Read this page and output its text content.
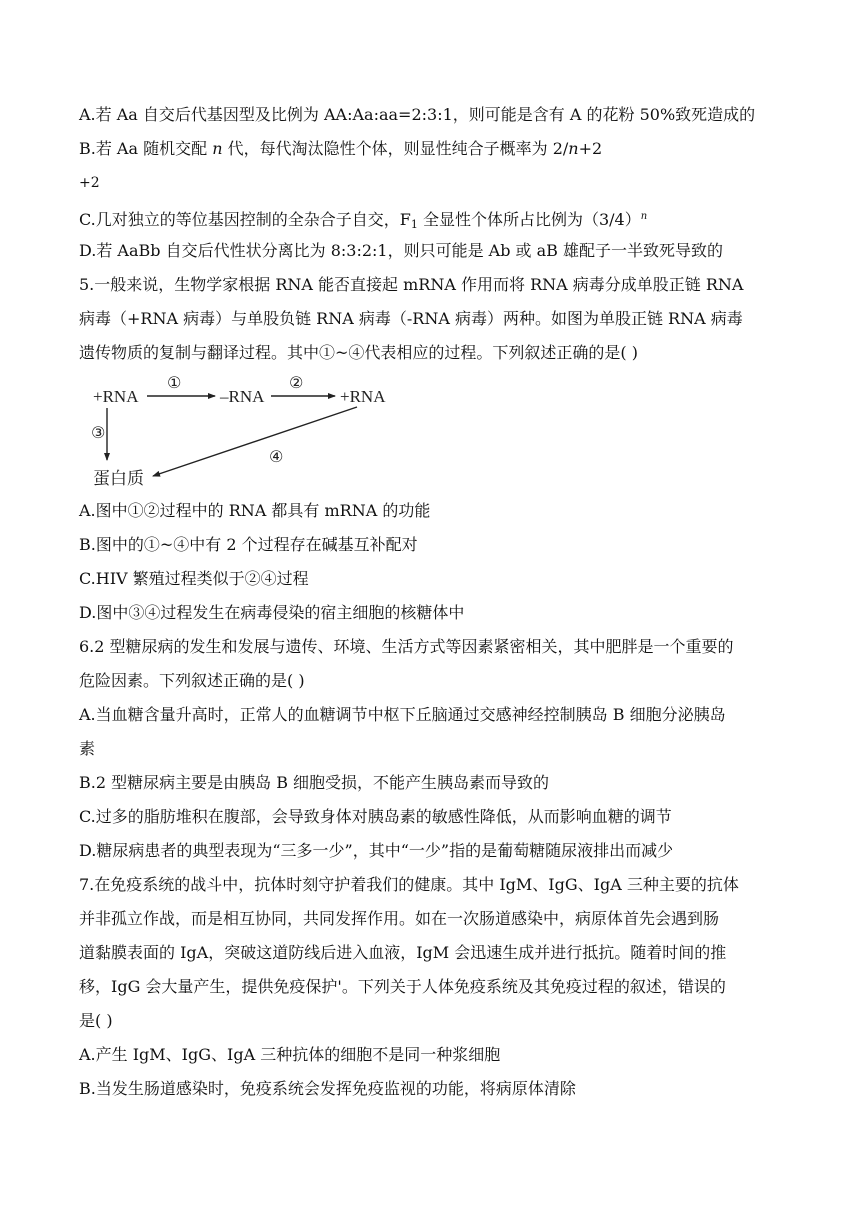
A.若 Aa 自交后代基因型及比例为 AA:Aa:aa=2:3:1，则可能是含有 A 的花粉 50%致死造成的
B.若 Aa 随机交配 n 代，每代淘汰隐性个体，则显性纯合子概率为 2/n+2
+2
C.几对独立的等位基因控制的全杂合子自交，$F_1$ 全显性个体所占比例为$(3/4)^n$
D.若 AaBb 自交后代性状分离比为 8:3:2:1，则只可能是 Ab 或 aB 雄配子一半致死导致的
5.一般来说，生物学家根据 RNA 能否直接起 mRNA 作用而将 RNA 病毒分成单股正链 RNA
病毒（+RNA 病毒）与单股负链 RNA 病毒（-RNA 病毒）两种。如图为单股正链 RNA 病毒
遗传物质的复制与翻译过程。其中①~④代表相应的过程。下列叙述正确的是( )
+RNA	–RNA	+RNA
蛋白质
①	②
③
④
A.图中①②过程中的 RNA 都具有 mRNA 的功能
B.图中的①~④中有 2 个过程存在碱基互补配对
C.HIV 繁殖过程类似于②④过程
D.图中③④过程发生在病毒侵染的宿主细胞的核糖体中
6.2 型糖尿病的发生和发展与遗传、环境、生活方式等因素紧密相关，其中肥胖是一个重要的
危险因素。下列叙述正确的是( )
A.当血糖含量升高时，正常人的血糖调节中枢下丘脑通过交感神经控制胰岛 B 细胞分泌胰岛
素
B.2 型糖尿病主要是由胰岛 B 细胞受损，不能产生胰岛素而导致的
C.过多的脂肪堆积在腹部，会导致身体对胰岛素的敏感性降低，从而影响血糖的调节
D.糖尿病患者的典型表现为“三多一少”，其中“一少”指的是葡萄糖随尿液排出而减少
7.在免疫系统的战斗中，抗体时刻守护着我们的健康。其中 IgM、IgG、IgA 三种主要的抗体
并非孤立作战，而是相互协同，共同发挥作用。如在一次肠道感染中，病原体首先会遇到肠
道黏膜表面的 IgA，突破这道防线后进入血液，IgM 会迅速生成并进行抵抗。随着时间的推
移，IgG 会大量产生，提供免疫保护'。下列关于人体免疫系统及其免疫过程的叙述，错误的
是( )
A.产生 IgM、IgG、IgA 三种抗体的细胞不是同一种浆细胞
B.当发生肠道感染时，免疫系统会发挥免疫监视的功能，将病原体清除
